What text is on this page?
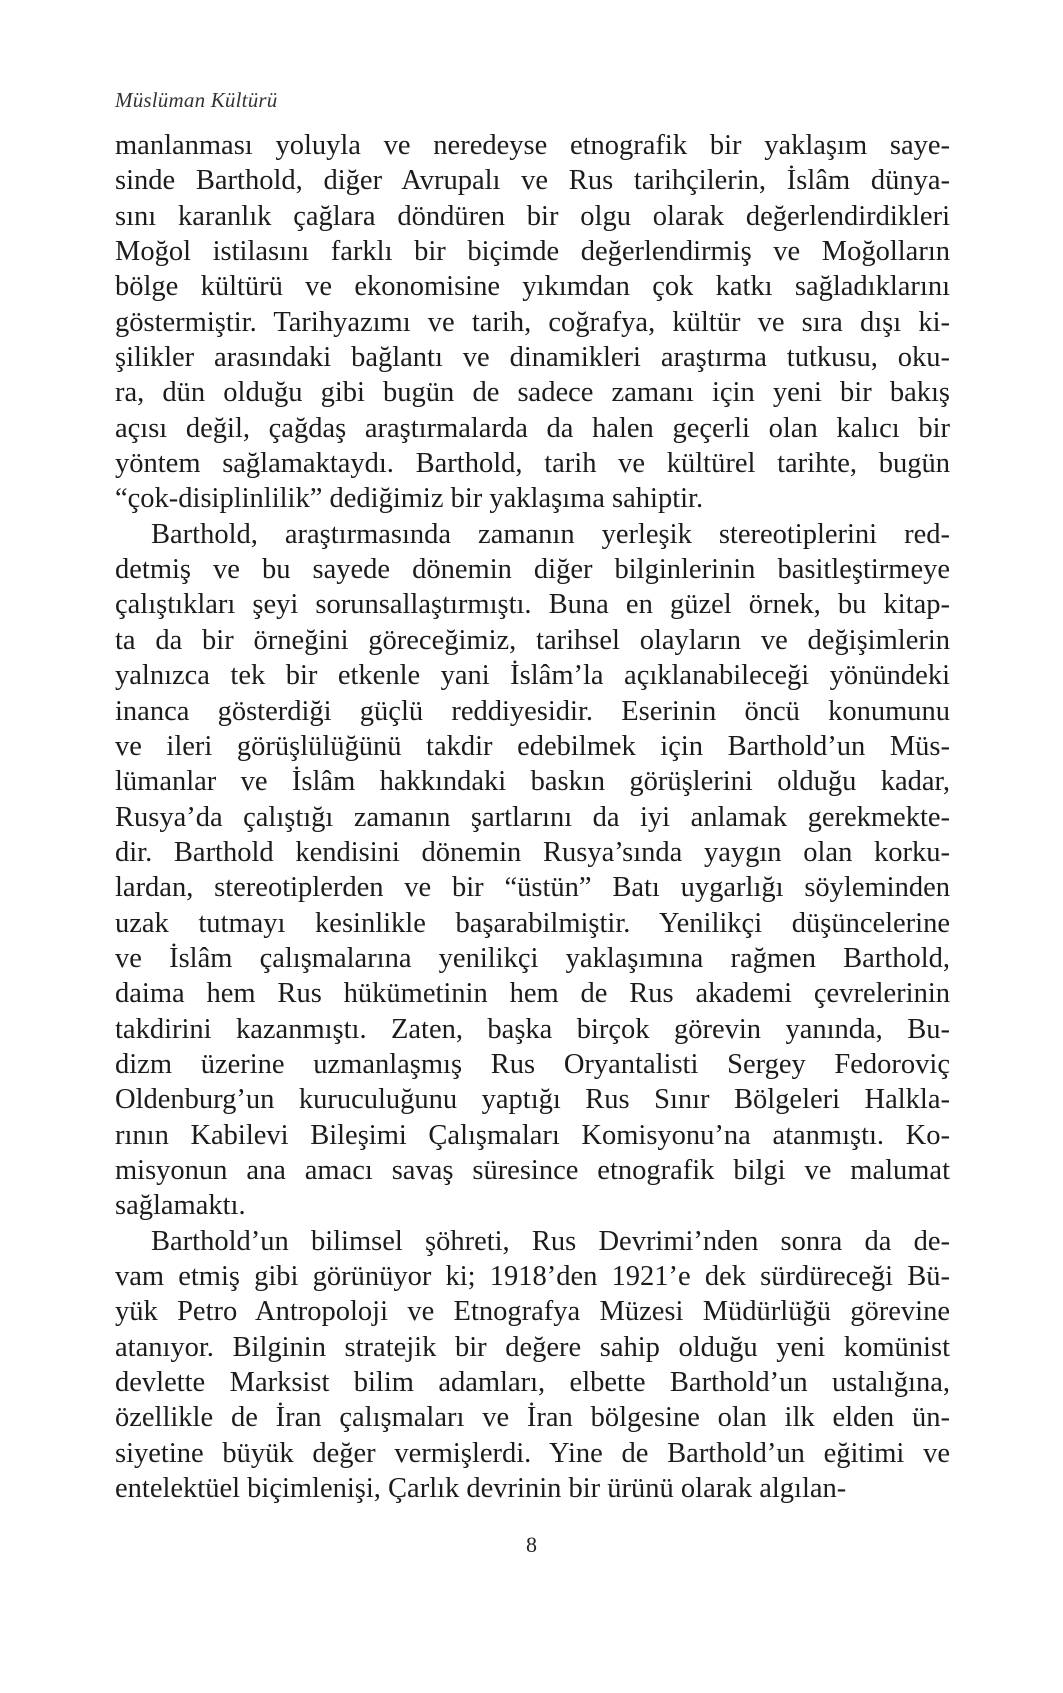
Müslüman Kültürü
manlanması yoluyla ve neredeyse etnografik bir yaklaşım saye-
sinde Barthold, diğer Avrupalı ve Rus tarihçilerin, İslâm dünya-
sını karanlık çağlara döndüren bir olgu olarak değerlendirdikleri
Moğol istilasını farklı bir biçimde değerlendirmiş ve Moğolların
bölge kültürü ve ekonomisine yıkımdan çok katkı sağladıklarını
göstermiştir. Tarihyazımı ve tarih, coğrafya, kültür ve sıra dışı ki-
şilikler arasındaki bağlantı ve dinamikleri araştırma tutkusu, oku-
ra, dün olduğu gibi bugün de sadece zamanı için yeni bir bakış
açısı değil, çağdaş araştırmalarda da halen geçerli olan kalıcı bir
yöntem sağlamaktaydı. Barthold, tarih ve kültürel tarihte, bugün
“çok-disiplinlilik” dediğimiz bir yaklaşıma sahiptir.
Barthold, araştırmasında zamanın yerleşik stereotiplerini red-
detmiş ve bu sayede dönemin diğer bilginlerinin basitleştirmeye
çalıştıkları şeyi sorunsallaştırmıştı. Buna en güzel örnek, bu kitap-
ta da bir örneğini göreceğimiz, tarihsel olayların ve değişimlerin
yalnızca tek bir etkenle yani İslâm’la açıklanabileceği yönündeki
inanca gösterdiği güçlü reddiyesidir. Eserinin öncü konumunu
ve ileri görüşlülüğünü takdir edebilmek için Barthold’un Müs-
lümanlar ve İslâm hakkındaki baskın görüşlerini olduğu kadar,
Rusya’da çalıştığı zamanın şartlarını da iyi anlamak gerekmekte-
dir. Barthold kendisini dönemin Rusya’sında yaygın olan korku-
lardan, stereotiplerden ve bir “üstün” Batı uygarlığı söyleminden
uzak tutmayı kesinlikle başarabilmiştir. Yenilikçi düşüncelerine
ve İslâm çalışmalarına yenilikçi yaklaşımına rağmen Barthold,
daima hem Rus hükümetinin hem de Rus akademi çevrelerinin
takdirini kazanmıştı. Zaten, başka birçok görevin yanında, Bu-
dizm üzerine uzmanlaşmış Rus Oryantalisti Sergey Fedoroviç
Oldenburg’un kuruculuğunu yaptığı Rus Sınır Bölgeleri Halkla-
rının Kabilevi Bileşimi Çalışmaları Komisyonu’na atanmıştı. Ko-
misyonun ana amacı savaş süresince etnografik bilgi ve malumat
sağlamaktı.
Barthold’un bilimsel şöhreti, Rus Devrimi’nden sonra da de-
vam etmiş gibi görünüyor ki; 1918’den 1921’e dek sürdüreceği Bü-
yük Petro Antropoloji ve Etnografya Müzesi Müdürlüğü görevine
atanıyor. Bilginin stratejik bir değere sahip olduğu yeni komünist
devlette Marksist bilim adamları, elbette Barthold’un ustalığına,
özellikle de İran çalışmaları ve İran bölgesine olan ilk elden ün-
siyetine büyük değer vermişlerdi. Yine de Barthold’un eğitimi ve
entelektüel biçimlenişi, Çarlık devrinin bir ürünü olarak algılan-
8
